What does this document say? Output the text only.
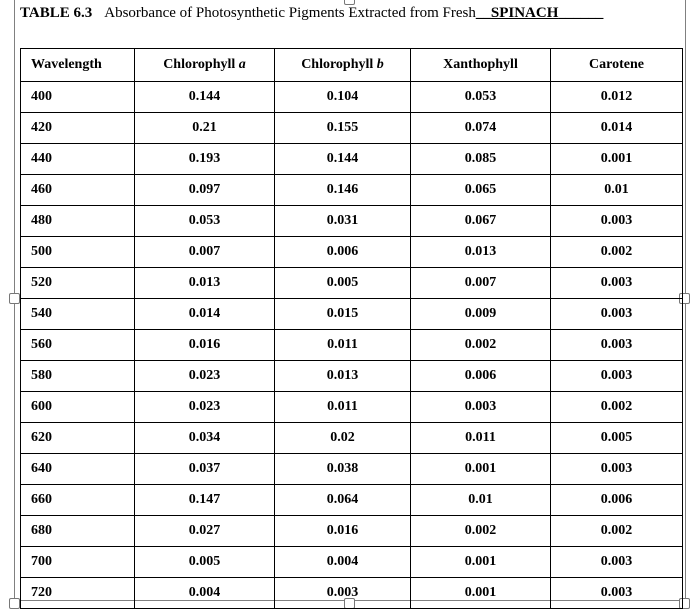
TABLE 6.3 Absorbance of Photosynthetic Pigments Extracted from Fresh__SPINACH______
Wavelength	Chlorophyll a	Chlorophyll b	Xanthophyll	Carotene
400	0.144	0.104	0.053	0.012
420	0.21	0.155	0.074	0.014
440	0.193	0.144	0.085	0.001
460	0.097	0.146	0.065	0.01
480	0.053	0.031	0.067	0.003
500	0.007	0.006	0.013	0.002
520	0.013	0.005	0.007	0.003
540	0.014	0.015	0.009	0.003
560	0.016	0.011	0.002	0.003
580	0.023	0.013	0.006	0.003
600	0.023	0.011	0.003	0.002
620	0.034	0.02	0.011	0.005
640	0.037	0.038	0.001	0.003
660	0.147	0.064	0.01	0.006
680	0.027	0.016	0.002	0.002
700	0.005	0.004	0.001	0.003
720	0.004	0.003	0.001	0.003
